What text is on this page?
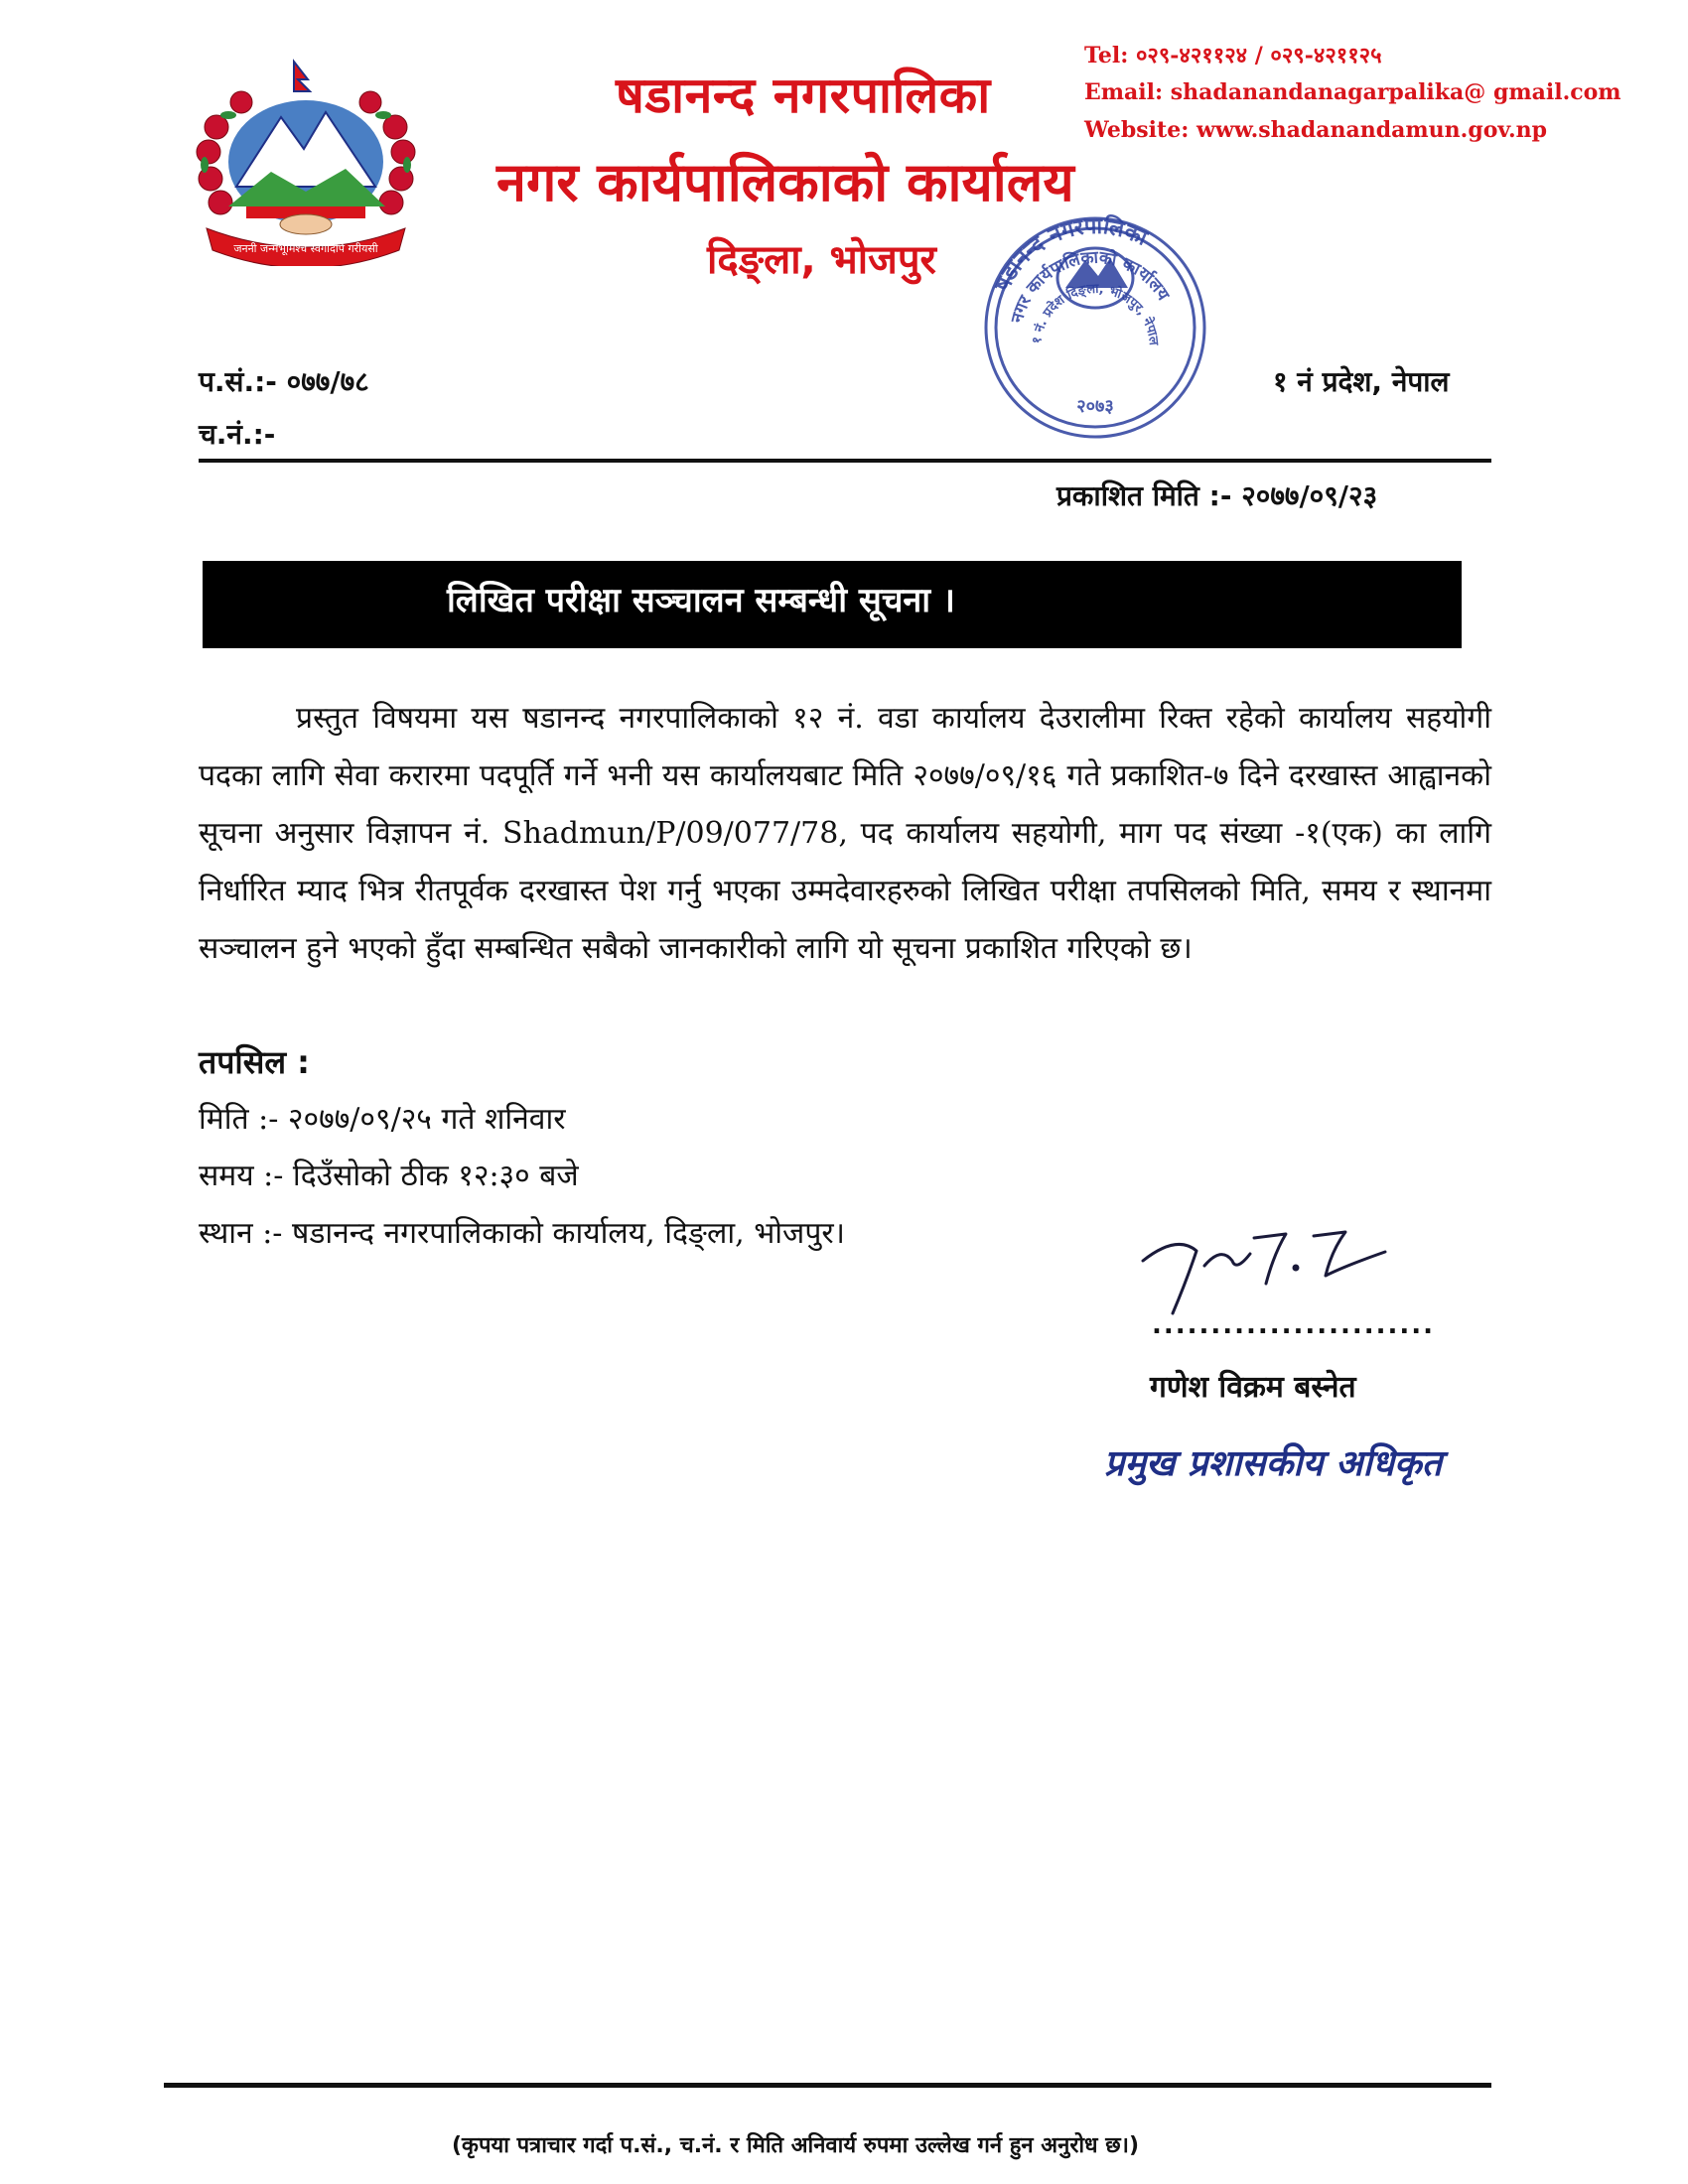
जननी जन्मभूमिश्च स्वर्गादपि गरीयसी
षडानन्द नगरपालिका
नगर कार्यपालिकाको कार्यालय
दिङ्ला, भोजपुर
Tel: ०२९-४२११२४ / ०२९-४२११२५
Email: shadanandanagarpalika@ gmail.com
Website: www.shadanandamun.gov.np
षडानन्द नगरपालिका
नगर कार्यपालिकाको कार्यालय
१ नं. प्रदेश दिङ्ला, भोजपुर, नेपाल
२०७३
प.सं.:- ०७७/७८
च.नं.:-
१ नं प्रदेश, नेपाल
प्रकाशित मिति :- २०७७/०९/२३
लिखित परीक्षा सञ्चालन सम्बन्धी सूचना ।

प्रस्तुत विषयमा यस षडानन्द नगरपालिकाको १२ नं. वडा कार्यालय देउरालीमा रिक्त रहेको कार्यालय सहयोगी पदका लागि सेवा करारमा पदपूर्ति गर्ने भनी यस कार्यालयबाट मिति २०७७/०९/१६ गते प्रकाशित-७ दिने दरखास्त आह्वानको सूचना अनुसार विज्ञापन नं. Shadmun/P/09/077/78, पद कार्यालय सहयोगी, माग पद संख्या -१(एक) का लागि निर्धारित म्याद भित्र रीतपूर्वक दरखास्त पेश गर्नु भएका उम्मदेवारहरुको लिखित परीक्षा तपसिलको मिति, समय र स्थानमा सञ्चालन हुने भएको हुँदा सम्बन्धित सबैको जानकारीको लागि यो सूचना प्रकाशित गरिएको छ।

तपसिल :
मिति :- २०७७/०९/२५ गते शनिवार
समय :- दिउँसोको ठीक १२:३० बजे
स्थान :- षडानन्द नगरपालिकाको कार्यालय, दिङ्ला, भोजपुर।
........................
गणेश विक्रम बस्नेत
प्रमुख प्रशासकीय अधिकृत
(कृपया पत्राचार गर्दा प.सं., च.नं. र मिति अनिवार्य रुपमा उल्लेख गर्न हुन अनुरोध छ।)
